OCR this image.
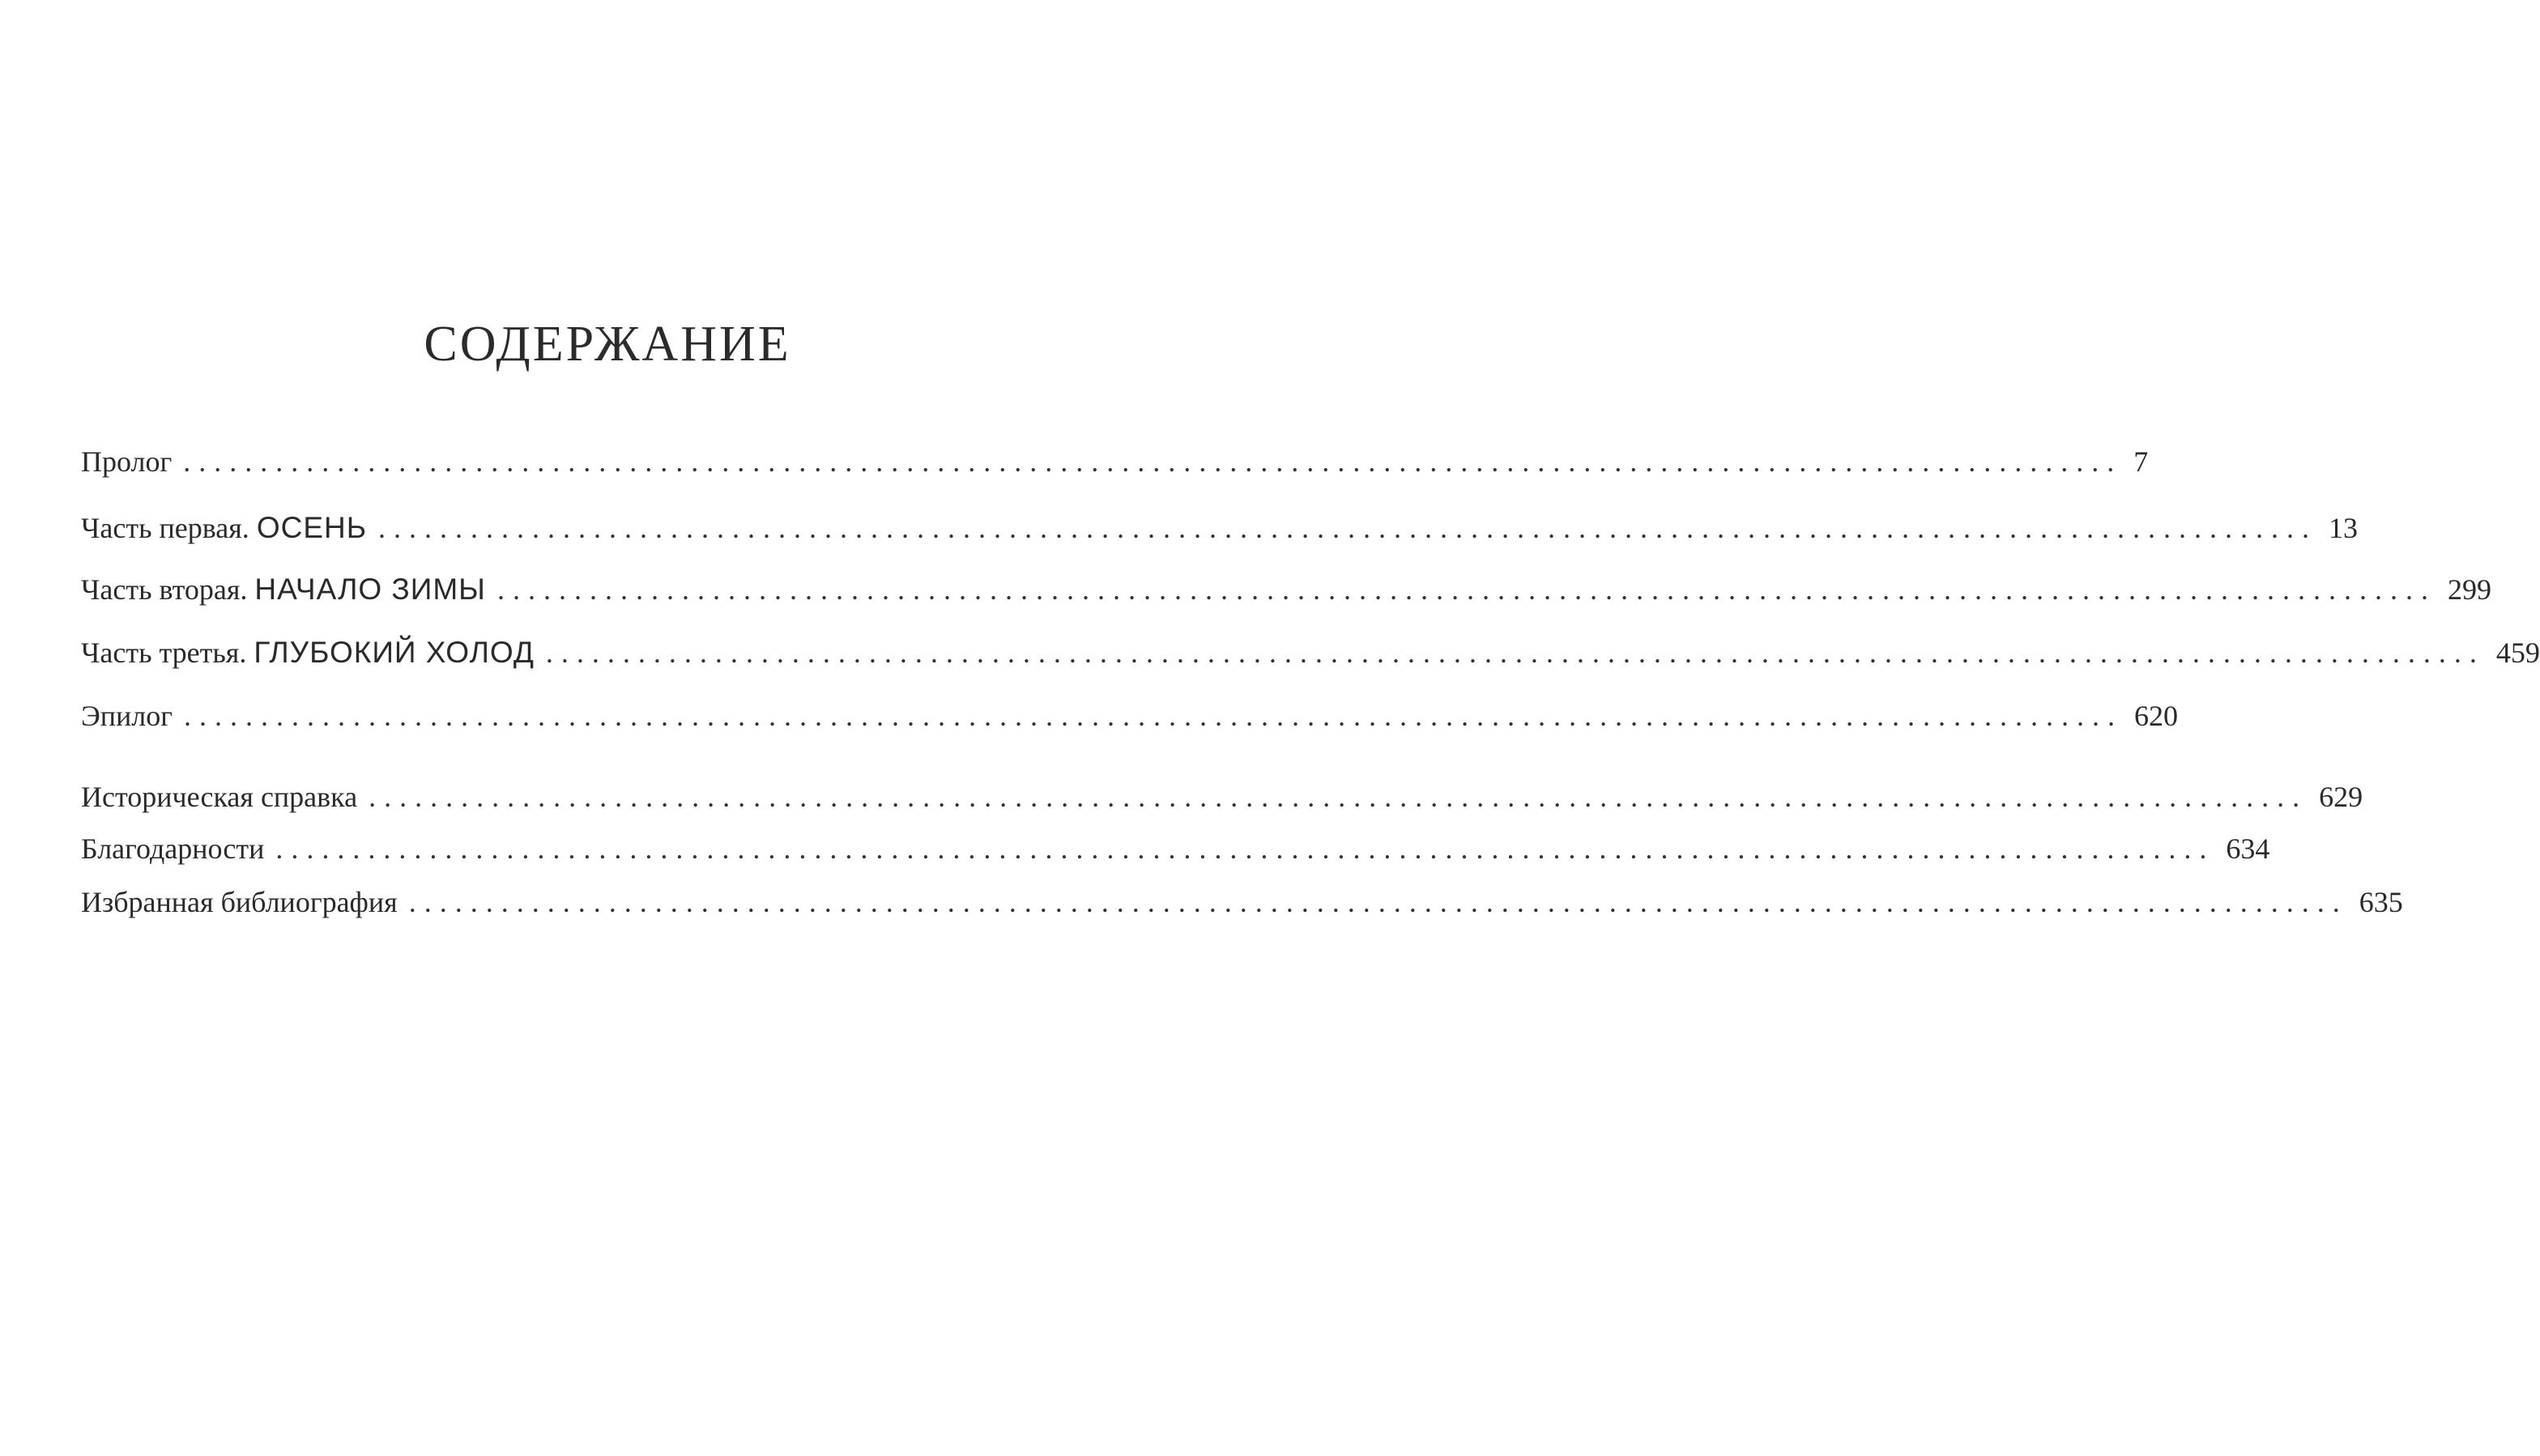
СОДЕРЖАНИЕ
Пролог .............................................................................................................................. 7
Часть первая. ОСЕНЬ .............................................................................................................................. 13
Часть вторая. НАЧАЛО ЗИМЫ .............................................................................................................................. 299
Часть третья. ГЛУБОКИЙ ХОЛОД .............................................................................................................................. 459
Эпилог .............................................................................................................................. 620
Историческая справка .............................................................................................................................. 629
Благодарности .............................................................................................................................. 634
Избранная библиография .............................................................................................................................. 635
